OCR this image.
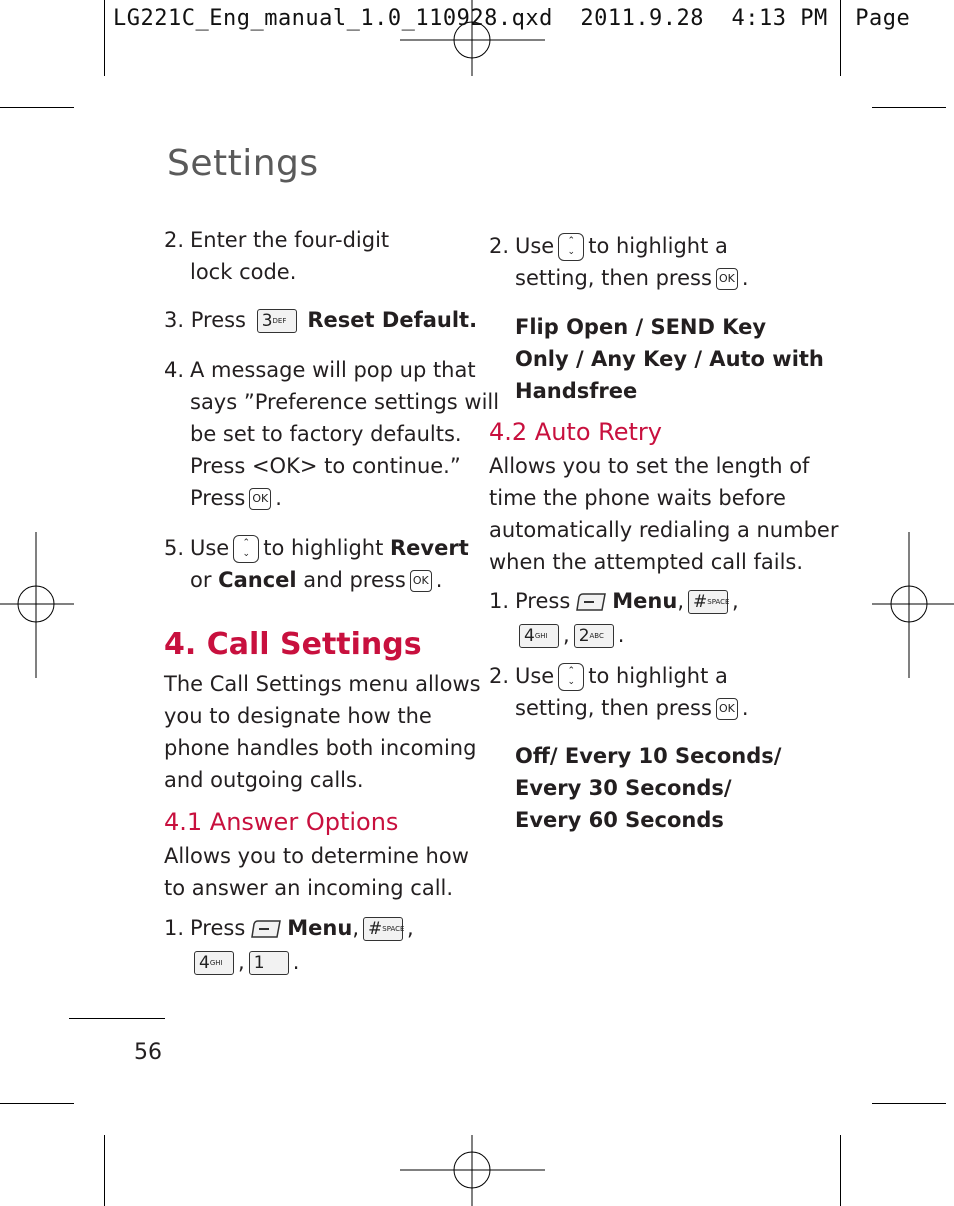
LG221C_Eng_manual_1.0_110928.qxd  2011.9.28  4:13 PM  Page
Settings
2. Enter the four-digit lock code.
3. Press 3DEF Reset Default.
4. A message will pop up that
says ”Preference settings will
be set to factory defaults.
Press <OK> to continue.”
Press OK .
5. Use ⌃
⌄ to highlight Revert
or Cancel and press OK .
4. Call Settings
The Call Settings menu allows
you to designate how the
phone handles both incoming
and outgoing calls.
4.1 Answer Options
Allows you to determine how
to answer an incoming call.
1. Press Menu, #SPACE ,
4GHI , 1 .
2. Use ⌃
⌄ to highlight a
setting, then press OK .
Flip Open / SEND Key
Only / Any Key / Auto with
Handsfree
4.2 Auto Retry
Allows you to set the length of
time the phone waits before
automatically redialing a number
when the attempted call fails.
1. Press Menu, #SPACE ,
4GHI , 2ABC .
2. Use ⌃
⌄ to highlight a
setting, then press OK .
Off/ Every 10 Seconds/
Every 30 Seconds/
Every 60 Seconds
56
